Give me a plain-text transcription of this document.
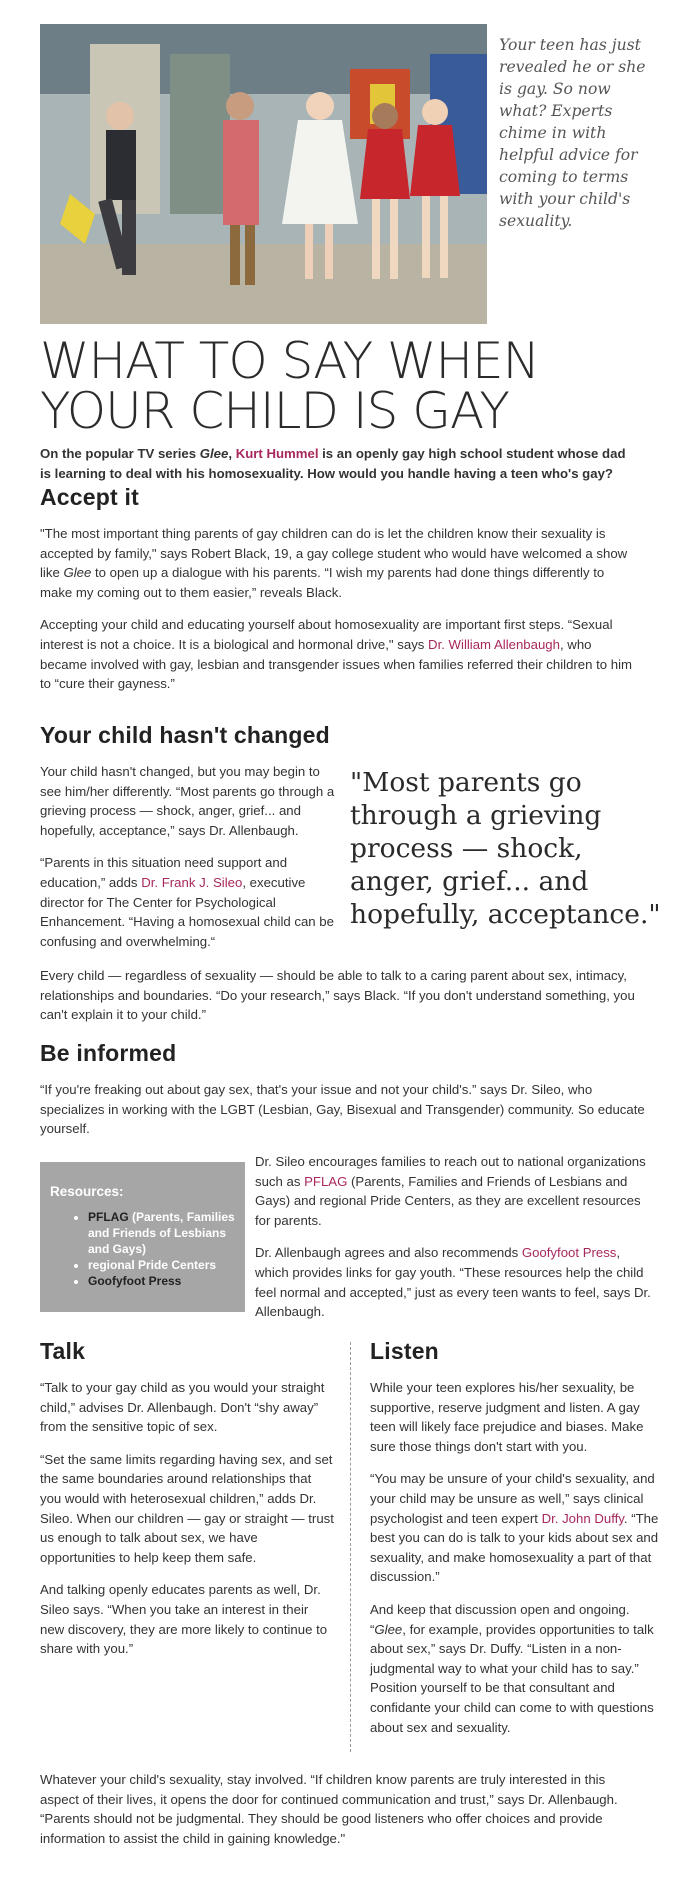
Your teen has just revealed he or she is gay. So now what? Experts chime in with helpful advice for coming to terms with your child's sexuality.
WHAT TO SAY WHEN YOUR CHILD IS GAY
On the popular TV series Glee, Kurt Hummel is an openly gay high school student whose dad is learning to deal with his homosexuality. How would you handle having a teen who's gay?
Accept it

"The most important thing parents of gay children can do is let the children know their sexuality is accepted by family," says Robert Black, 19, a gay college student who would have welcomed a show like Glee to open up a dialogue with his parents. “I wish my parents had done things differently to make my coming out to them easier,” reveals Black.

Accepting your child and educating yourself about homosexuality are important first steps. “Sexual interest is not a choice. It is a biological and hormonal drive," says Dr. William Allenbaugh, who became involved with gay, lesbian and transgender issues when families referred their children to him to “cure their gayness.”

Your child hasn't changed

Your child hasn't changed, but you may begin to see him/her differently. “Most parents go through a grieving process — shock, anger, grief... and hopefully, acceptance,” says Dr. Allenbaugh.

“Parents in this situation need support and education,” adds Dr. Frank J. Sileo, executive director for The Center for Psychological Enhancement. “Having a homosexual child can be confusing and overwhelming.“

"Most parents go through a grieving process — shock, anger, grief... and hopefully, acceptance."

Every child — regardless of sexuality — should be able to talk to a caring parent about sex, intimacy, relationships and boundaries. “Do your research,” says Black. “If you don't understand something, you can't explain it to your child.”

Be informed

“If you're freaking out about gay sex, that's your issue and not your child's.” says Dr. Sileo, who specializes in working with the LGBT (Lesbian, Gay, Bisexual and Transgender) community. So educate yourself.

Resources:
• PFLAG (Parents, Families and Friends of Lesbians and Gays)
• regional Pride Centers
• Goofyfoot Press

Dr. Sileo encourages families to reach out to national organizations such as PFLAG (Parents, Families and Friends of Lesbians and Gays) and regional Pride Centers, as they are excellent resources for parents.

Dr. Allenbaugh agrees and also recommends Goofyfoot Press, which provides links for gay youth. “These resources help the child feel normal and accepted,” just as every teen wants to feel, says Dr. Allenbaugh.

Talk

“Talk to your gay child as you would your straight child,” advises Dr. Allenbaugh. Don't “shy away” from the sensitive topic of sex.

“Set the same limits regarding having sex, and set the same boundaries around relationships that you would with heterosexual children,” adds Dr. Sileo. When our children — gay or straight — trust us enough to talk about sex, we have opportunities to help keep them safe.

And talking openly educates parents as well, Dr. Sileo says. “When you take an interest in their new discovery, they are more likely to continue to share with you.”

Listen

While your teen explores his/her sexuality, be supportive, reserve judgment and listen. A gay teen will likely face prejudice and biases. Make sure those things don't start with you.

“You may be unsure of your child's sexuality, and your child may be unsure as well,” says clinical psychologist and teen expert Dr. John Duffy. “The best you can do is talk to your kids about sex and sexuality, and make homosexuality a part of that discussion.”

And keep that discussion open and ongoing. “Glee, for example, provides opportunities to talk about sex,” says Dr. Duffy. “Listen in a non-judgmental way to what your child has to say.” Position yourself to be that consultant and confidante your child can come to with questions about sex and sexuality.

Whatever your child's sexuality, stay involved. “If children know parents are truly interested in this aspect of their lives, it opens the door for continued communication and trust,” says Dr. Allenbaugh. “Parents should not be judgmental. They should be good listeners who offer choices and provide information to assist the child in gaining knowledge."
